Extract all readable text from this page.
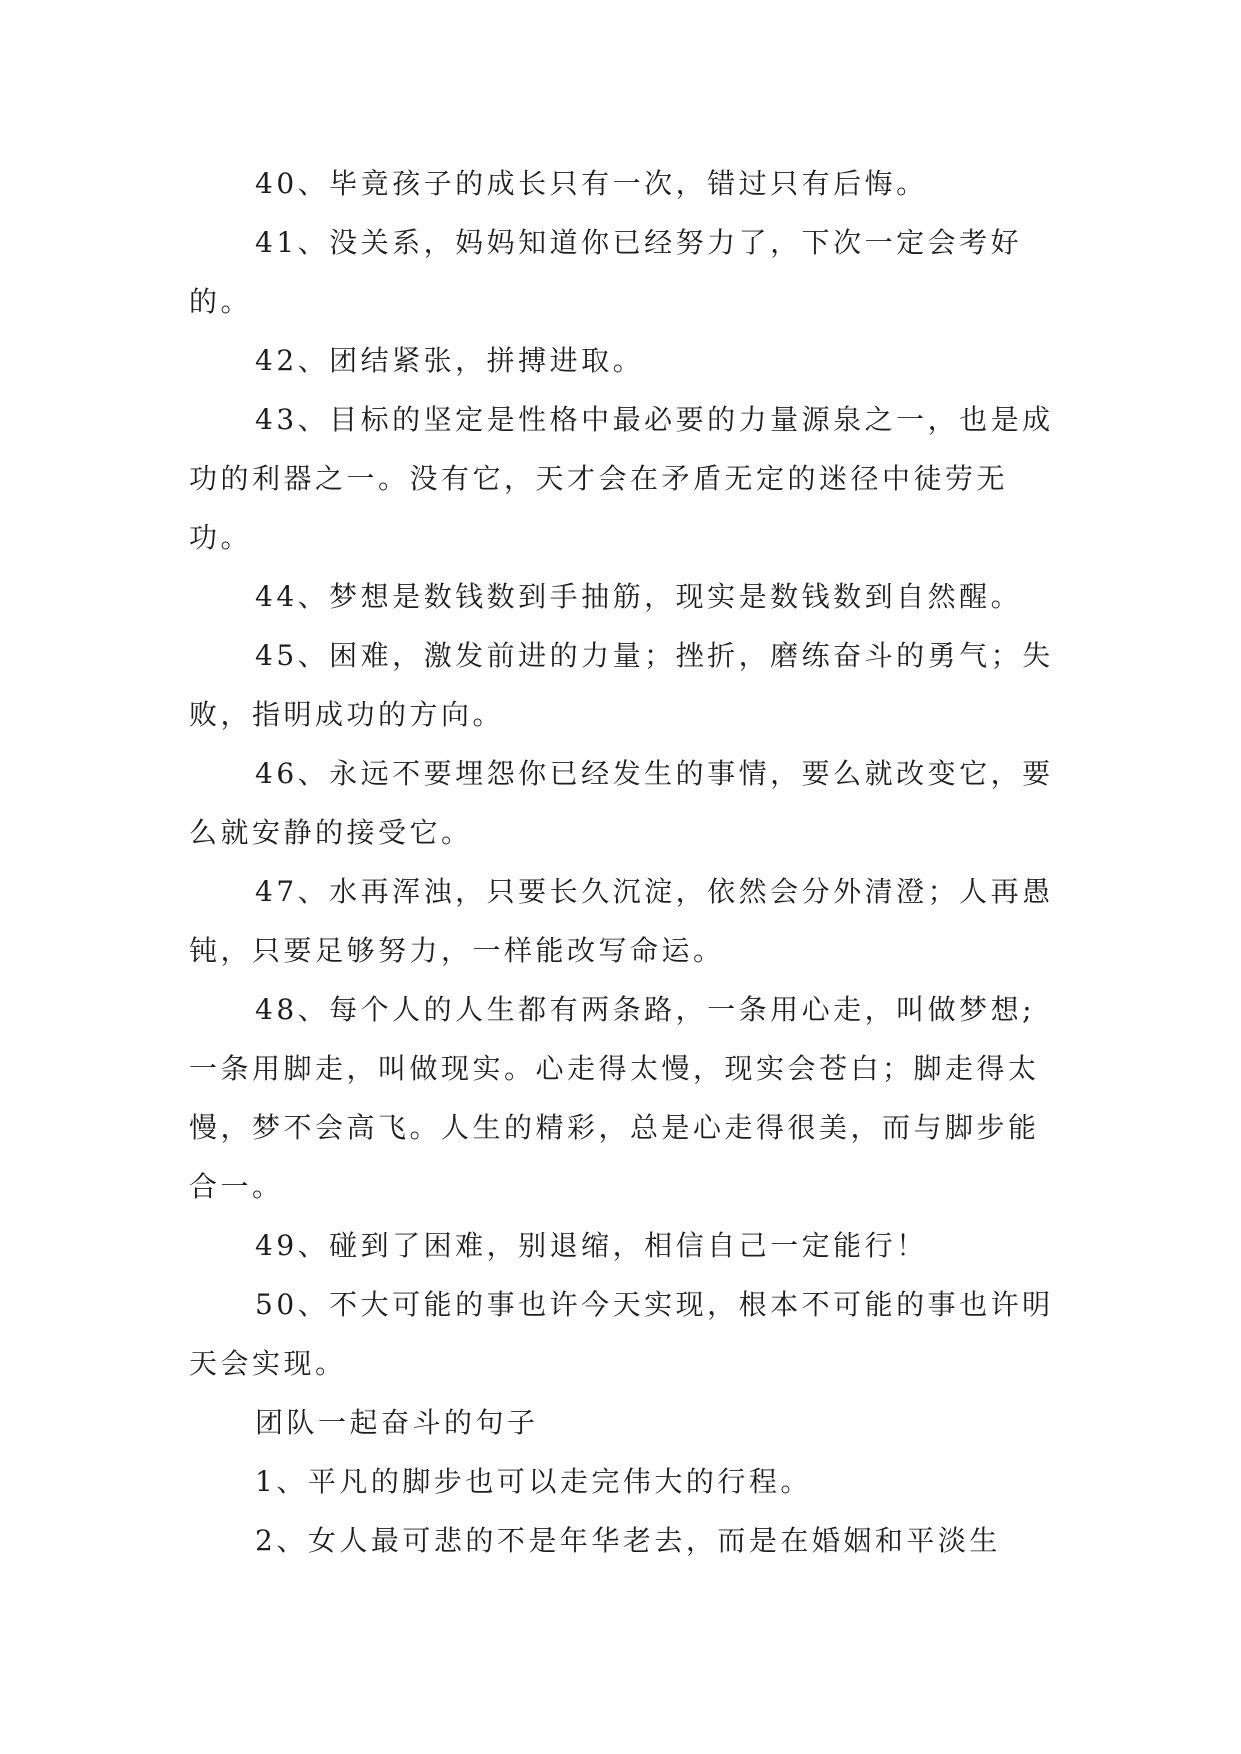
40、毕竟孩子的成长只有一次，错过只有后悔。

41、没关系，妈妈知道你已经努力了，下次一定会考好的。

42、团结紧张，拼搏进取。

43、目标的坚定是性格中最必要的力量源泉之一，也是成功的利器之一。没有它，天才会在矛盾无定的迷径中徒劳无功。

44、梦想是数钱数到手抽筋，现实是数钱数到自然醒。

45、困难，激发前进的力量；挫折，磨练奋斗的勇气；失败，指明成功的方向。

46、永远不要埋怨你已经发生的事情，要么就改变它，要么就安静的接受它。

47、水再浑浊，只要长久沉淀，依然会分外清澄；人再愚钝，只要足够努力，一样能改写命运。

48、每个人的人生都有两条路，一条用心走，叫做梦想;一条用脚走，叫做现实。心走得太慢，现实会苍白；脚走得太慢，梦不会高飞。人生的精彩，总是心走得很美，而与脚步能合一。

49、碰到了困难，别退缩，相信自己一定能行！

50、不大可能的事也许今天实现，根本不可能的事也许明天会实现。

团队一起奋斗的句子

1、平凡的脚步也可以走完伟大的行程。

2、女人最可悲的不是年华老去，而是在婚姻和平淡生
